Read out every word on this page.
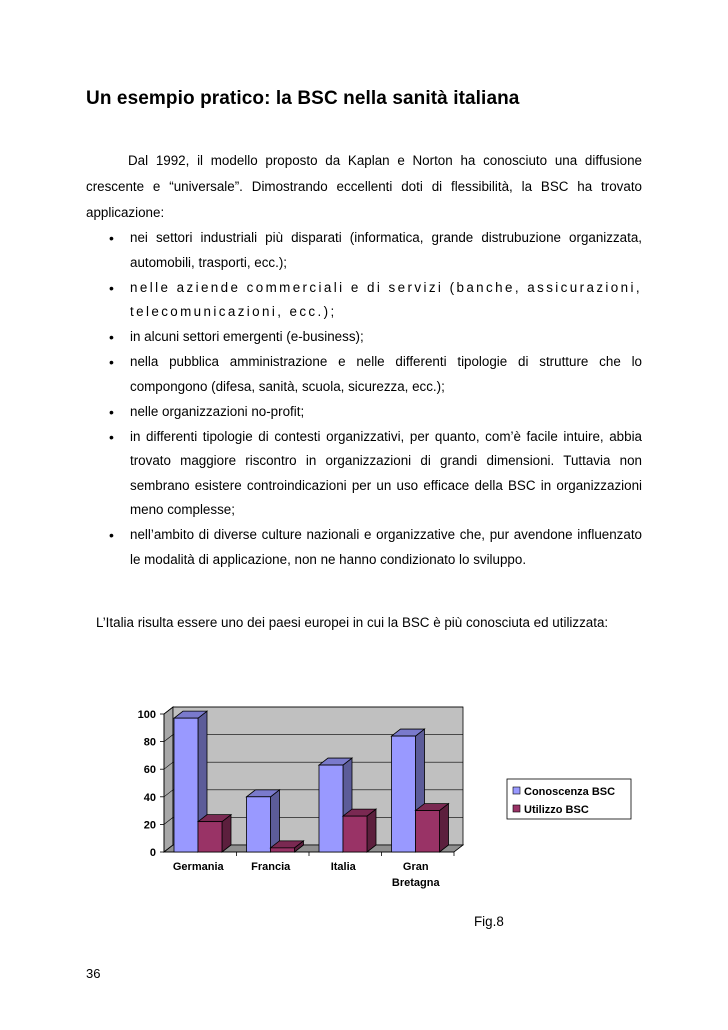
Un esempio pratico: la BSC nella sanità italiana
Dal 1992, il modello proposto da Kaplan e Norton ha conosciuto una diffusione crescente e “universale”. Dimostrando eccellenti doti di flessibilità, la BSC ha trovato applicazione:
• nei settori industriali più disparati (informatica, grande distrubuzione organizzata, automobili, trasporti, ecc.);
• nelle aziende commerciali e di servizi (banche, assicurazioni, telecomunicazioni, ecc.);
• in alcuni settori emergenti (e-business);
• nella pubblica amministrazione e nelle differenti tipologie di strutture che lo compongono (difesa, sanità, scuola, sicurezza, ecc.);
• nelle organizzazioni no-profit;
• in differenti tipologie di contesti organizzativi, per quanto, com’è facile intuire, abbia trovato maggiore riscontro in organizzazioni di grandi dimensioni. Tuttavia non sembrano esistere controindicazioni per un uso efficace della BSC in organizzazioni meno complesse;
• nell’ambito di diverse culture nazionali e organizzative che, pur avendone influenzato le modalità di applicazione, non ne hanno condizionato lo sviluppo.
L’Italia risulta essere uno dei paesi europei in cui la BSC è più conosciuta ed utilizzata:
0
20
40
60
80
100
Germania	Francia	Italia	Gran
Bretagna
Conoscenza BSC
Utilizzo BSC
Fig.8
36
